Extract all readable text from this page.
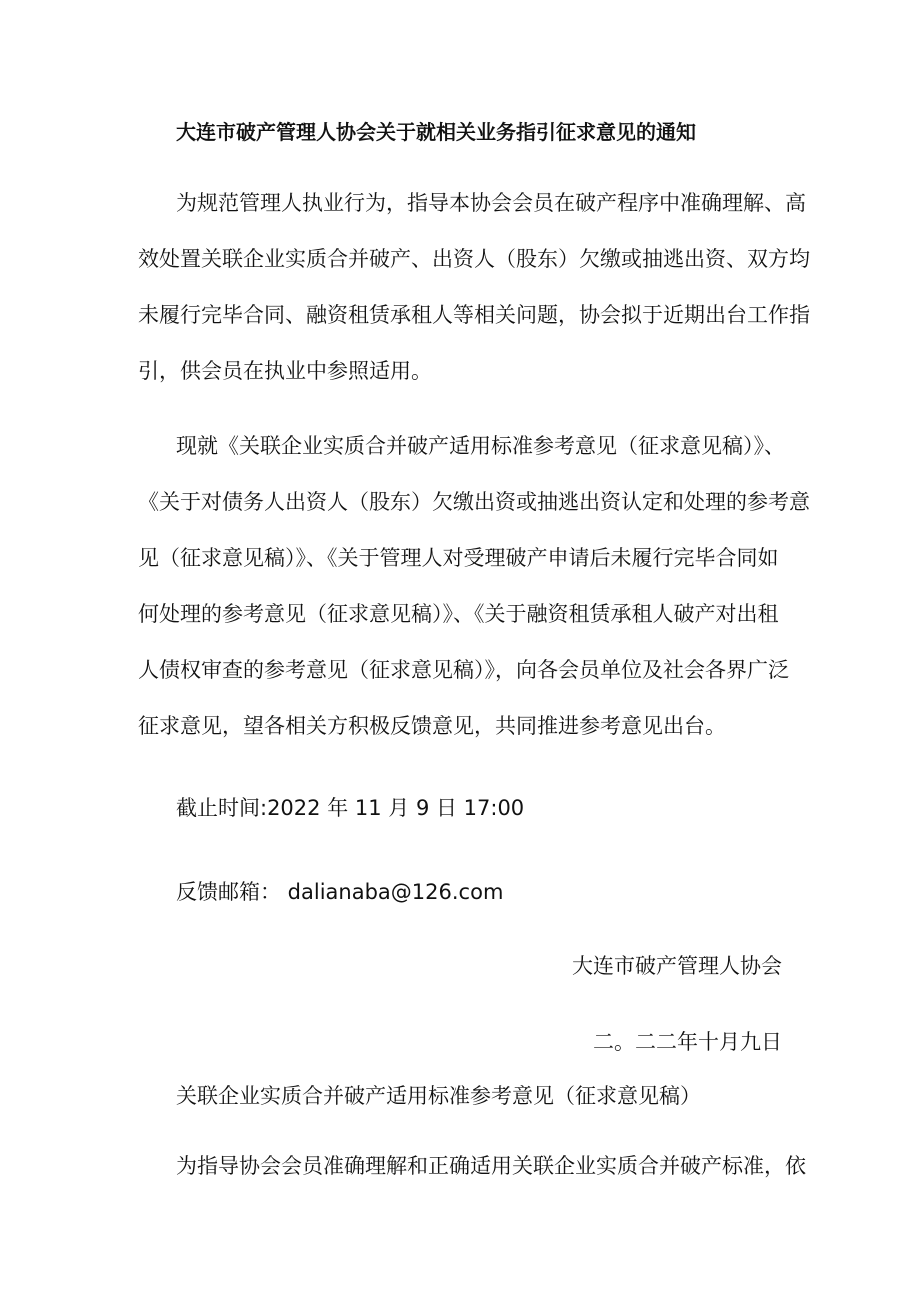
大连市破产管理人协会关于就相关业务指引征求意见的通知
为规范管理人执业行为，指导本协会会员在破产程序中准确理解、高
效处置关联企业实质合并破产、出资人（股东）欠缴或抽逃出资、双方均
未履行完毕合同、融资租赁承租人等相关问题，协会拟于近期出台工作指
引，供会员在执业中参照适用。
现就《关联企业实质合并破产适用标准参考意见（征求意见稿）》、
《关于对债务人出资人（股东）欠缴出资或抽逃出资认定和处理的参考意
见（征求意见稿）》、《关于管理人对受理破产申请后未履行完毕合同如
何处理的参考意见（征求意见稿）》、《关于融资租赁承租人破产对出租
人债权审查的参考意见（征求意见稿）》，向各会员单位及社会各界广泛
征求意见，望各相关方积极反馈意见，共同推进参考意见出台。

截止时间:2022 年 11 月 9 日 17:00

反馈邮箱： dalianaba@126.com

大连市破产管理人协会

二。二二年十月九日

关联企业实质合并破产适用标准参考意见（征求意见稿）

为指导协会会员准确理解和正确适用关联企业实质合并破产标准，依
